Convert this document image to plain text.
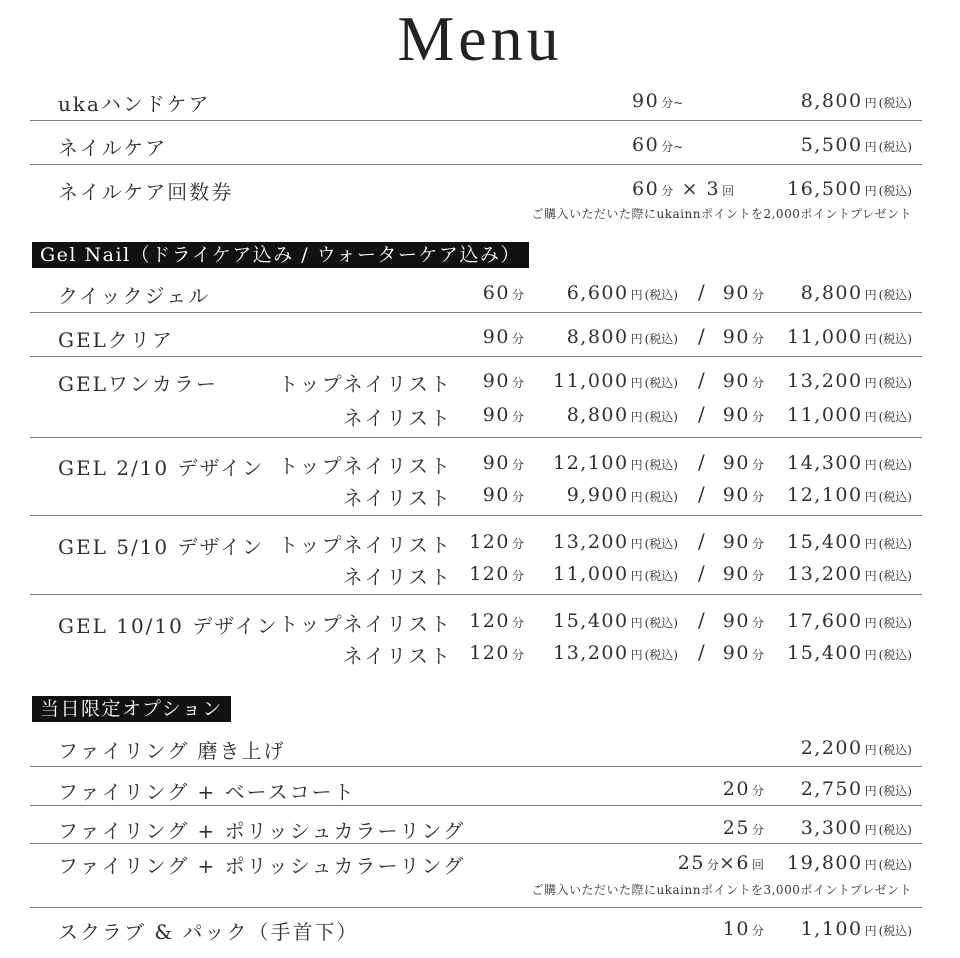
Menu
ukaハンドケア	90 分~	8,800 円 (税込)
ネイルケア	60 分~	5,500 円 (税込)
ネイルケア回数券	60 分 × 3 回	16,500 円 (税込)
ご購入いただいた際にukainnポイントを2,000ポイントプレゼント
Gel Nail（ドライケア込み / ウォーターケア込み）
クイックジェル	60 分 6,600 円 (税込) / 90 分 8,800 円 (税込)
GELクリア	90 分 8,800 円 (税込) / 90 分 11,000 円 (税込)
GELワンカラー	トップネイリスト 90 分 11,000 円 (税込) / 90 分 13,200 円 (税込)
ネイリスト 90 分 8,800 円 (税込) / 90 分 11,000 円 (税込)
GEL 2/10 デザイン トップネイリスト 90 分 12,100 円 (税込) / 90 分 14,300 円 (税込)
ネイリスト 90 分 9,900 円 (税込) / 90 分 12,100 円 (税込)
GEL 5/10 デザイン トップネイリスト 120 分 13,200 円 (税込) / 90 分 15,400 円 (税込)
ネイリスト 120 分 11,000 円 (税込) / 90 分 13,200 円 (税込)
GEL 10/10 デザイン トップネイリスト 120 分 15,400 円 (税込) / 90 分 17,600 円 (税込)
ネイリスト 120 分 13,200 円 (税込) / 90 分 15,400 円 (税込)
当日限定オプション
ファイリング 磨き上げ	2,200 円 (税込)
ファイリング + ベースコート	20 分 2,750 円 (税込)
ファイリング + ポリッシュカラーリング	25 分 3,300 円 (税込)
ファイリング + ポリッシュカラーリング	25 分×6 回 19,800 円 (税込)
ご購入いただいた際にukainnポイントを3,000ポイントプレゼント
スクラブ & パック（手首下）	10 分 1,100 円 (税込)
